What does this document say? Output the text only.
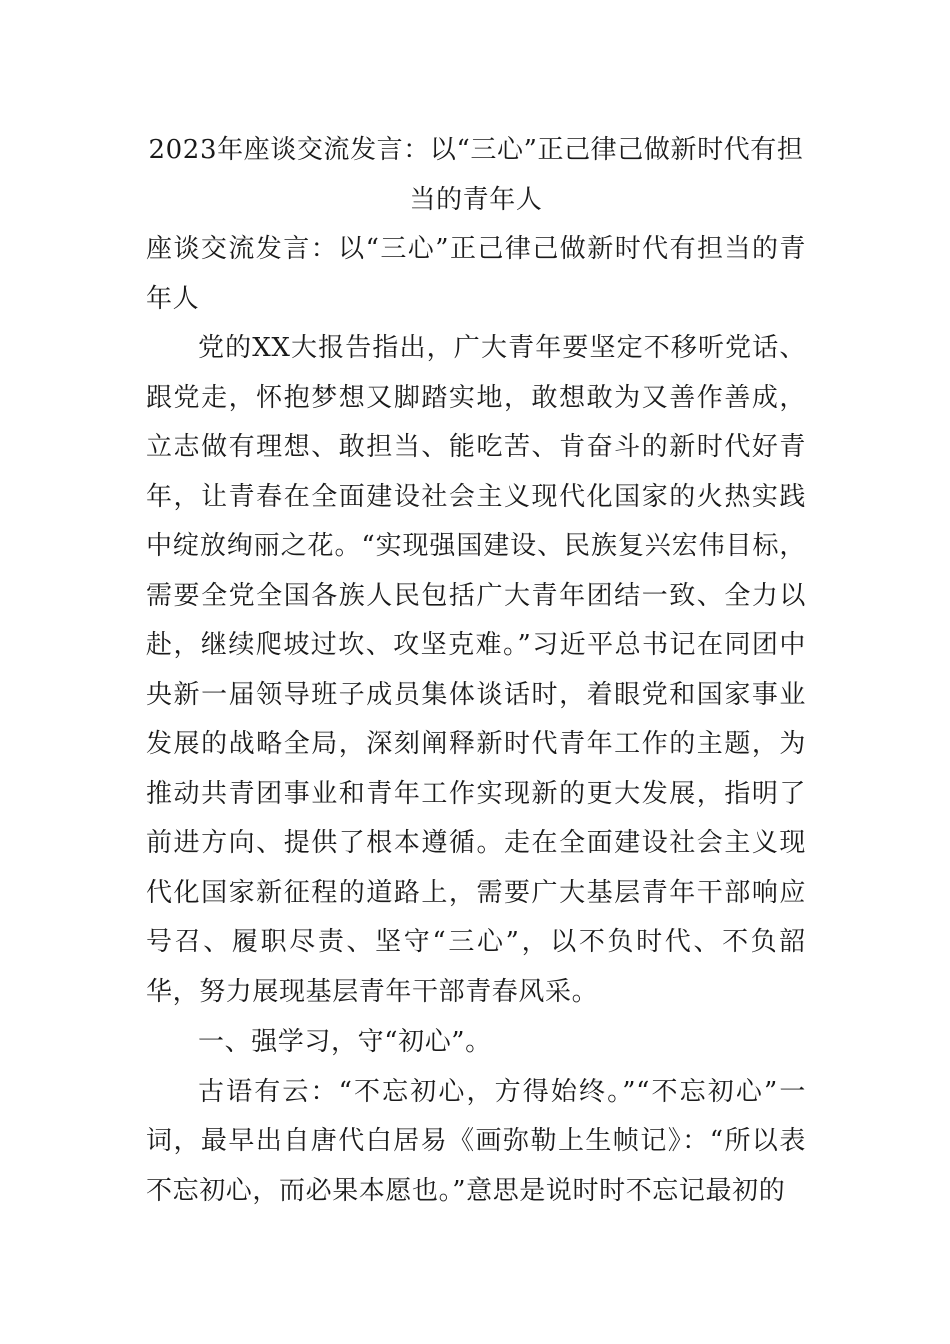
2023年座谈交流发言：以“三心”正己律己做新时代有担当的青年人

座谈交流发言：以“三心”正己律己做新时代有担当的青年人

党的XX大报告指出，广大青年要坚定不移听党话、跟党走，怀抱梦想又脚踏实地，敢想敢为又善作善成，立志做有理想、敢担当、能吃苦、肯奋斗的新时代好青年，让青春在全面建设社会主义现代化国家的火热实践中绽放绚丽之花。“实现强国建设、民族复兴宏伟目标，需要全党全国各族人民包括广大青年团结一致、全力以赴，继续爬坡过坎、攻坚克难。”习近平总书记在同团中央新一届领导班子成员集体谈话时，着眼党和国家事业发展的战略全局，深刻阐释新时代青年工作的主题，为推动共青团事业和青年工作实现新的更大发展，指明了前进方向、提供了根本遵循。走在全面建设社会主义现代化国家新征程的道路上，需要广大基层青年干部响应号召、履职尽责、坚守“三心”，以不负时代、不负韶华，努力展现基层青年干部青春风采。

一、强学习，守“初心”。

古语有云：“不忘初心，方得始终。”“不忘初心”一词，最早出自唐代白居易《画弥勒上生帧记》：“所以表不忘初心，而必果本愿也。”意思是说时时不忘记最初的
